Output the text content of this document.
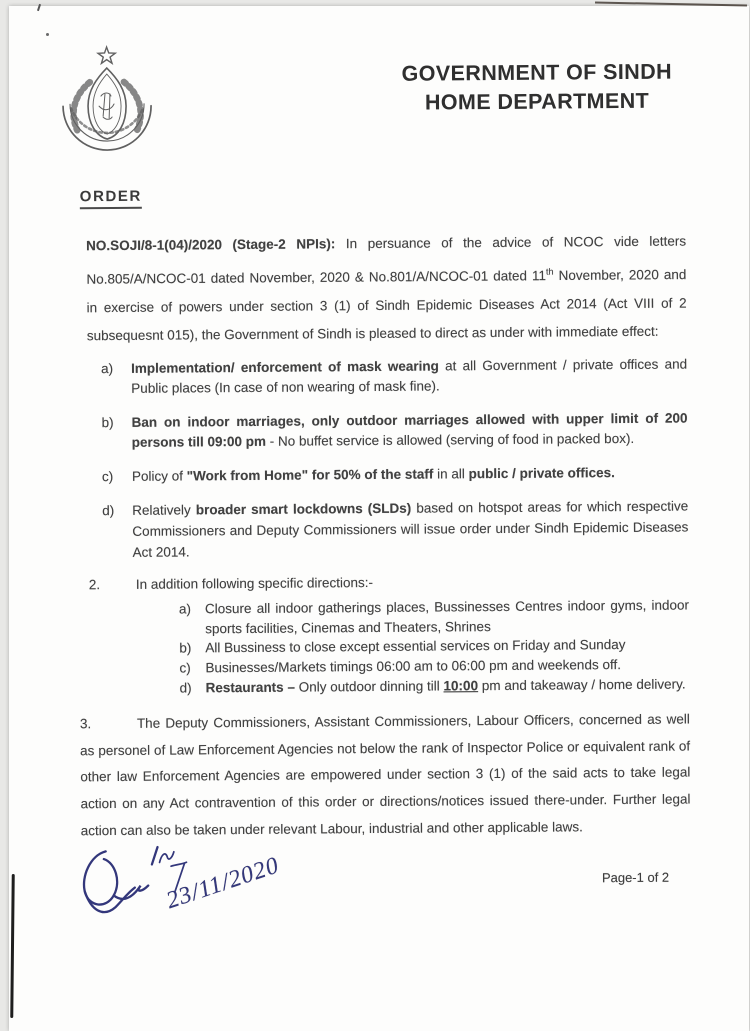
GOVERNMENT OF SINDH
HOME DEPARTMENT
ORDER

NO.SOJI/8-1(04)/2020 (Stage-2 NPIs): In persuance of the advice of NCOC vide letters No.805/A/NCOC-01 dated November, 2020 & No.801/A/NCOC-01 dated 11th November, 2020 and in exercise of powers under section 3 (1) of Sindh Epidemic Diseases Act 2014 (Act VIII of 2 subsequesnt 015), the Government of Sindh is pleased to direct as under with immediate effect:

a) Implementation/ enforcement of mask wearing at all Government / private offices and Public places (In case of non wearing of mask fine).
b) Ban on indoor marriages, only outdoor marriages allowed with upper limit of 200 persons till 09:00 pm - No buffet service is allowed (serving of food in packed box).
c) Policy of "Work from Home" for 50% of the staff in all public / private offices.
d) Relatively broader smart lockdowns (SLDs) based on hotspot areas for which respective Commissioners and Deputy Commissioners will issue order under Sindh Epidemic Diseases Act 2014.
2.	In addition following specific directions:-
a) Closure all indoor gatherings places, Bussinesses Centres indoor gyms, indoor sports facilities, Cinemas and Theaters, Shrines
b) All Bussiness to close except essential services on Friday and Sunday
c) Businesses/Markets timings 06:00 am to 06:00 pm and weekends off.
d) Restaurants – Only outdoor dinning till 10:00 pm and takeaway / home delivery.

3.	The Deputy Commissioners, Assistant Commissioners, Labour Officers, concerned as well as personel of Law Enforcement Agencies not below the rank of Inspector Police or equivalent rank of other law Enforcement Agencies are empowered under section 3 (1) of the said acts to take legal action on any Act contravention of this order or directions/notices issued there-under. Further legal action can also be taken under relevant Labour, industrial and other applicable laws.

23/11/2020	Page-1 of 2
